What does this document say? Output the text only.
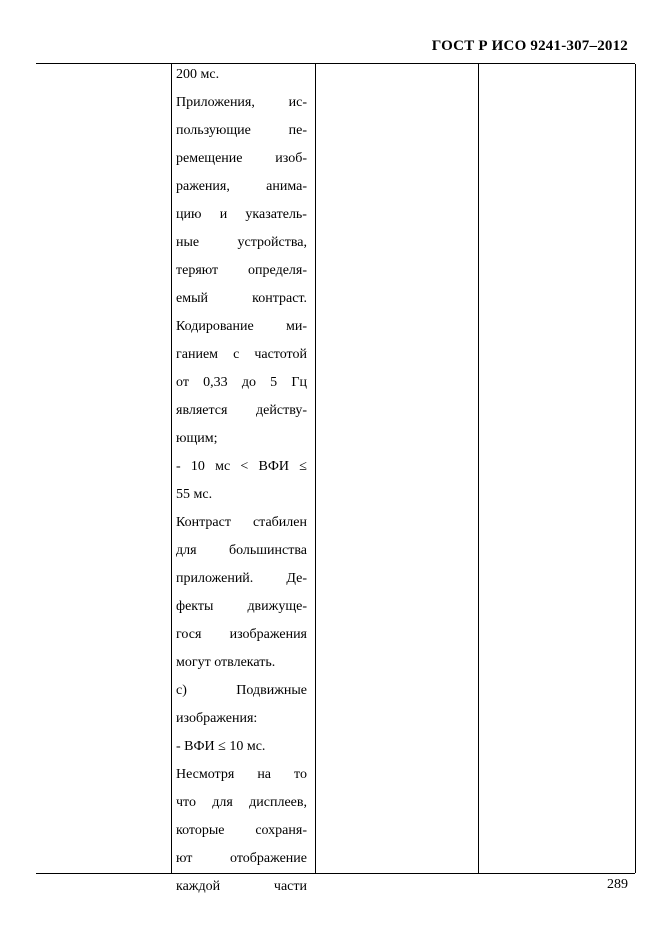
ГОСТ Р ИСО 9241-307–2012
200 мс.
Приложения, ис-
пользующие	пе-
ремещение изоб-
ражения,	анима-
цию и указатель-
ные	устройства,
теряют определя-
емый	контраст.
Кодирование ми-
ганием с частотой
от 0,33 до 5 Гц
является действу-
ющим;
- 10 мс < ВФИ ≤
55 мс.
Контраст стабилен
для большинства
приложений. Де-
фекты движуще-
гося изображения
могут отвлекать.
c)	Подвижные
изображения:
- ВФИ ≤ 10 мс.
Несмотря на то
что для дисплеев,
которые сохраня-
ют	отображение
каждой	части	289
